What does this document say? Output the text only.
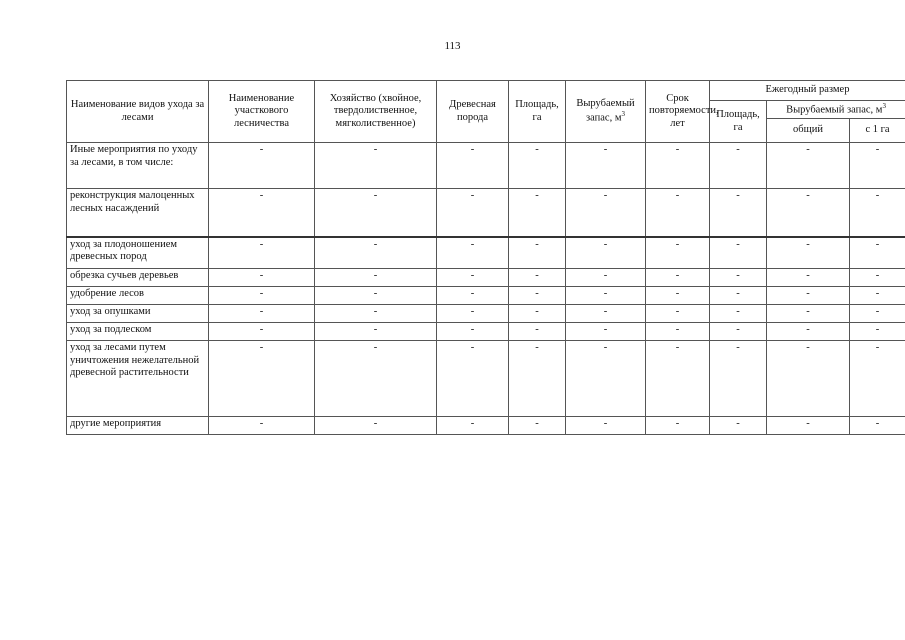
113
Наименование видов ухода за лесами	Наименование участкового лесничества	Хозяйство (хвойное, твердолиственное, мягколиственное)	Древесная порода	Площадь, га	Вырубаемый запас, $м^3$	Срок повторяемости, лет	Ежегодный размер		
							Площадь, га	Вырубаемый запас, $м^3$
								общий	с 1 га
Иные мероприятия по уходу за лесами, в том числе:	-	-	-	-	-	-	-	-	-
реконструкция малоценных лесных насаждений	-	-	-	-	-	-	-	-	-
уход за плодоношением древесных пород	-	-	-	-	-	-	-	-	-
обрезка сучьев деревьев	-	-	-	-	-	-	-	-	-
удобрение лесов	-	-	-	-	-	-	-	-	-
уход за опушками	-	-	-	-	-	-	-	-	-
уход за подлеском	-	-	-	-	-	-	-	-	-
уход за лесами путем уничтожения нежелательной древесной растительности	-	-	-	-	-	-	-	-	-
другие мероприятия	-	-	-	-	-	-	-	-	-
